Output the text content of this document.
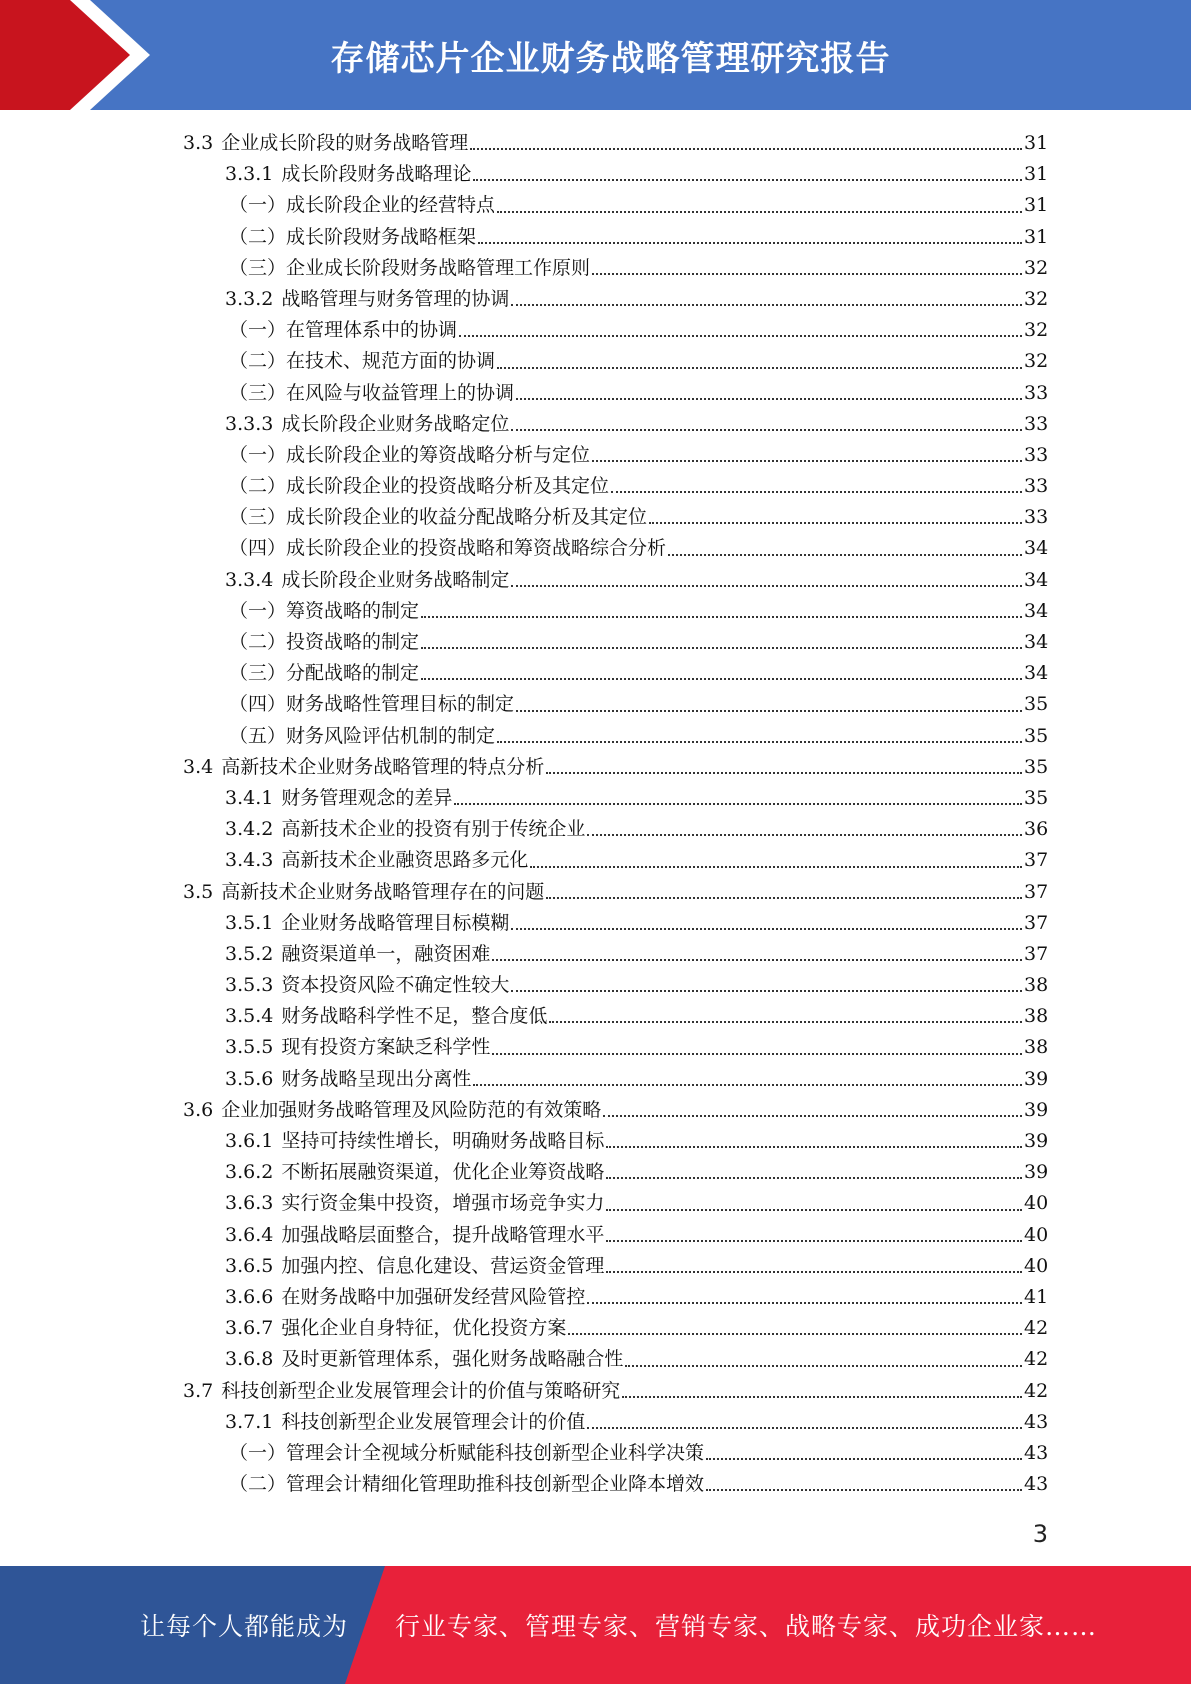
存储芯片企业财务战略管理研究报告
3.3 企业成长阶段的财务战略管理	31
3.3.1 成长阶段财务战略理论	31
（一）成长阶段企业的经营特点	31
（二）成长阶段财务战略框架	31
（三）企业成长阶段财务战略管理工作原则	32
3.3.2 战略管理与财务管理的协调	32
（一）在管理体系中的协调	32
（二）在技术、规范方面的协调	32
（三）在风险与收益管理上的协调	33
3.3.3 成长阶段企业财务战略定位	33
（一）成长阶段企业的筹资战略分析与定位	33
（二）成长阶段企业的投资战略分析及其定位	33
（三）成长阶段企业的收益分配战略分析及其定位	33
（四）成长阶段企业的投资战略和筹资战略综合分析	34
3.3.4 成长阶段企业财务战略制定	34
（一）筹资战略的制定	34
（二）投资战略的制定	34
（三）分配战略的制定	34
（四）财务战略性管理目标的制定	35
（五）财务风险评估机制的制定	35
3.4 高新技术企业财务战略管理的特点分析	35
3.4.1 财务管理观念的差异	35
3.4.2 高新技术企业的投资有别于传统企业	36
3.4.3 高新技术企业融资思路多元化	37
3.5 高新技术企业财务战略管理存在的问题	37
3.5.1 企业财务战略管理目标模糊	37
3.5.2 融资渠道单一，融资困难	37
3.5.3 资本投资风险不确定性较大	38
3.5.4 财务战略科学性不足，整合度低	38
3.5.5 现有投资方案缺乏科学性	38
3.5.6 财务战略呈现出分离性	39
3.6 企业加强财务战略管理及风险防范的有效策略	39
3.6.1 坚持可持续性增长，明确财务战略目标	39
3.6.2 不断拓展融资渠道，优化企业筹资战略	39
3.6.3 实行资金集中投资，增强市场竞争实力	40
3.6.4 加强战略层面整合，提升战略管理水平	40
3.6.5 加强内控、信息化建设、营运资金管理	40
3.6.6 在财务战略中加强研发经营风险管控	41
3.6.7 强化企业自身特征，优化投资方案	42
3.6.8 及时更新管理体系，强化财务战略融合性	42
3.7 科技创新型企业发展管理会计的价值与策略研究	42
3.7.1 科技创新型企业发展管理会计的价值	43
（一）管理会计全视域分析赋能科技创新型企业科学决策	43
（二）管理会计精细化管理助推科技创新型企业降本增效	43
3
让每个人都能成为 行业专家、管理专家、营销专家、战略专家、成功企业家……
